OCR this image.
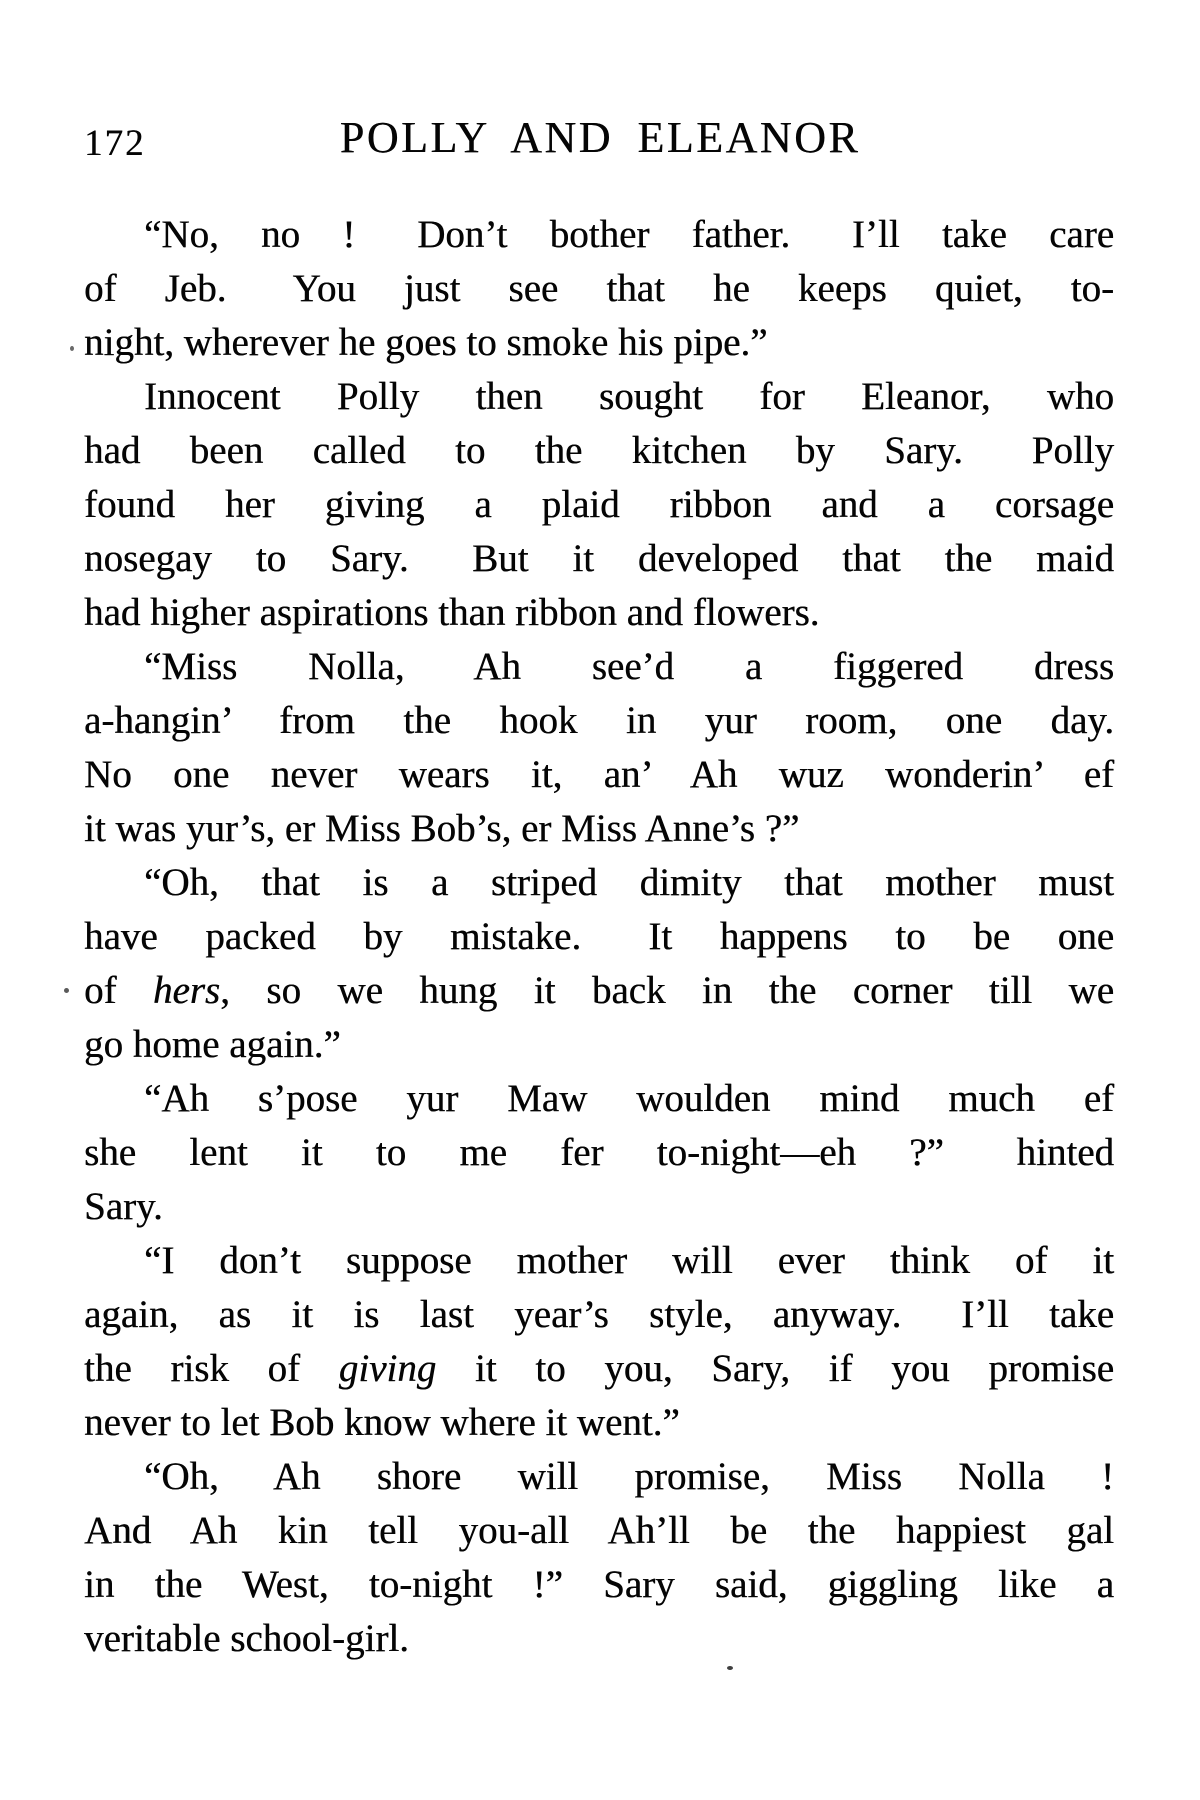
172	POLLY AND ELEANOR
“No, no !  Don’t bother father.  I’ll take care
of Jeb.  You just see that he keeps quiet, to-
night, wherever he goes to smoke his pipe.”
Innocent Polly then sought for Eleanor, who
had been called to the kitchen by Sary.  Polly
found her giving a plaid ribbon and a corsage
nosegay to Sary.  But it developed that the maid
had higher aspirations than ribbon and flowers.
“Miss Nolla, Ah see’d a figgered dress
a-hangin’ from the hook in yur room, one day.
No one never wears it, an’ Ah wuz wonderin’ ef
it was yur’s, er Miss Bob’s, er Miss Anne’s ?”
“Oh, that is a striped dimity that mother must
have packed by mistake.  It happens to be one
of hers, so we hung it back in the corner till we
go home again.”
“Ah s’pose yur Maw woulden mind much ef
she lent it to me fer to-night—eh ?”  hinted
Sary.
“I don’t suppose mother will ever think of it
again, as it is last year’s style, anyway.  I’ll take
the risk of giving it to you, Sary, if you promise
never to let Bob know where it went.”
“Oh, Ah shore will promise, Miss Nolla !
And Ah kin tell you-all Ah’ll be the happiest gal
in the West, to-night !” Sary said, giggling like a
veritable school-girl.
